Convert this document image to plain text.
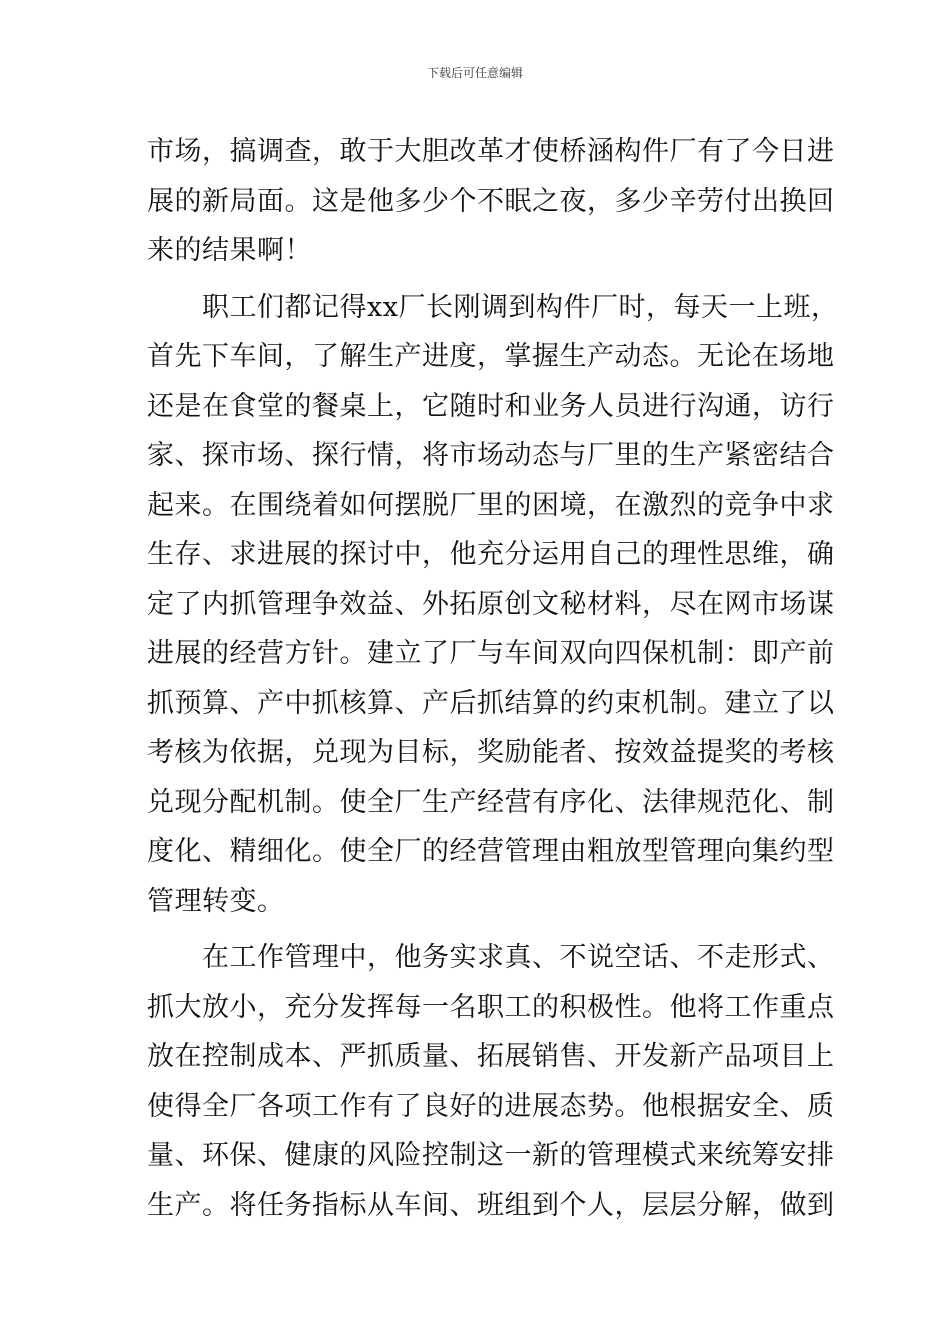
下载后可任意编辑
市场，搞调查，敢于大胆改革才使桥涵构件厂有了今日进
展的新局面。这是他多少个不眠之夜，多少辛劳付出换回
来的结果啊！
　　职工们都记得xx厂长刚调到构件厂时，每天一上班，
首先下车间，了解生产进度，掌握生产动态。无论在场地
还是在食堂的餐桌上，它随时和业务人员进行沟通，访行
家、探市场、探行情，将市场动态与厂里的生产紧密结合
起来。在围绕着如何摆脱厂里的困境，在激烈的竞争中求
生存、求进展的探讨中，他充分运用自己的理性思维，确
定了内抓管理争效益、外拓原创文秘材料，尽在网市场谋
进展的经营方针。建立了厂与车间双向四保机制：即产前
抓预算、产中抓核算、产后抓结算的约束机制。建立了以
考核为依据，兑现为目标，奖励能者、按效益提奖的考核
兑现分配机制。使全厂生产经营有序化、法律规范化、制
度化、精细化。使全厂的经营管理由粗放型管理向集约型
管理转变。
　　在工作管理中，他务实求真、不说空话、不走形式、
抓大放小，充分发挥每一名职工的积极性。他将工作重点
放在控制成本、严抓质量、拓展销售、开发新产品项目上
使得全厂各项工作有了良好的进展态势。他根据安全、质
量、环保、健康的风险控制这一新的管理模式来统筹安排
生产。将任务指标从车间、班组到个人，层层分解，做到
